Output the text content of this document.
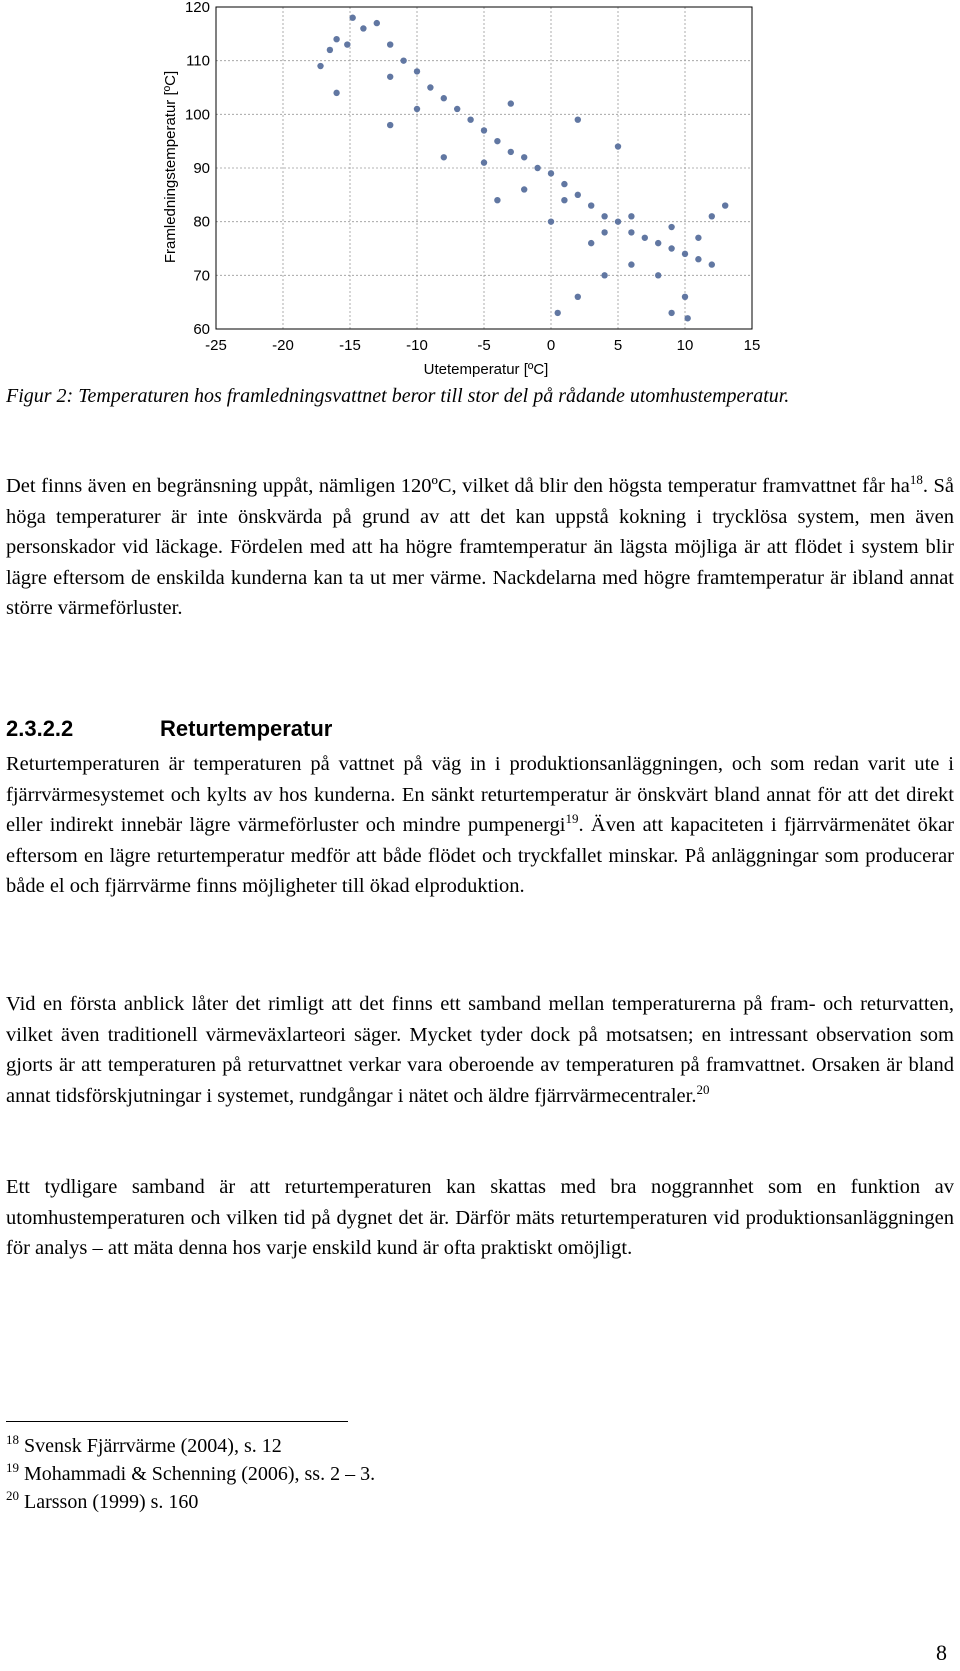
120
110
100
90
80
70
60
-25	-20	-15	-10	-5	0	5	10	15
Framledningstemperatur [ºC]
Utetemperatur [ºC]
Figur 2: Temperaturen hos framledningsvattnet beror till stor del på rådande utomhustemperatur.

Det finns även en begränsning uppåt, nämligen 120ºC, vilket då blir den högsta temperatur framvattnet får $ha^{18}$. Så höga temperaturer är inte önskvärda på grund av att det kan uppstå kokning i trycklösa system, men även personskador vid läckage. Fördelen med att ha högre framtemperatur än lägsta möjliga är att flödet i system blir lägre eftersom de enskilda kunderna kan ta ut mer värme. Nackdelarna med högre framtemperatur är ibland annat större värmeförluster.

2.3.2.2	Returtemperatur

Returtemperaturen är temperaturen på vattnet på väg in i produktionsanläggningen, och som redan varit ute i fjärrvärmesystemet och kylts av hos kunderna. En sänkt returtemperatur är önskvärt bland annat för att det direkt eller indirekt innebär lägre värmeförluster och mindre pumpenergi$^{19}$. Även att kapaciteten i fjärrvärmenätet ökar eftersom en lägre returtemperatur medför att både flödet och tryckfallet minskar. På anläggningar som producerar både el och fjärrvärme finns möjligheter till ökad elproduktion.

Vid en första anblick låter det rimligt att det finns ett samband mellan temperaturerna på fram- och returvatten, vilket även traditionell värmeväxlarteori säger. Mycket tyder dock på motsatsen; en intressant observation som gjorts är att temperaturen på returvattnet verkar vara oberoende av temperaturen på framvattnet. Orsaken är bland annat tidsförskjutningar i systemet, rundgångar i nätet och äldre fjärrvärmecentraler.$^{20}$

Ett tydligare samband är att returtemperaturen kan skattas med bra noggrannhet som en funktion av utomhustemperaturen och vilken tid på dygnet det är. Därför mäts returtemperaturen vid produktionsanläggningen för analys – att mäta denna hos varje enskild kund är ofta praktiskt omöjligt.

$^{18}$ Svensk Fjärrvärme (2004), s. 12
$^{19}$ Mohammadi & Schenning (2006), ss. 2 – 3.
$^{20}$ Larsson (1999) s. 160
8
